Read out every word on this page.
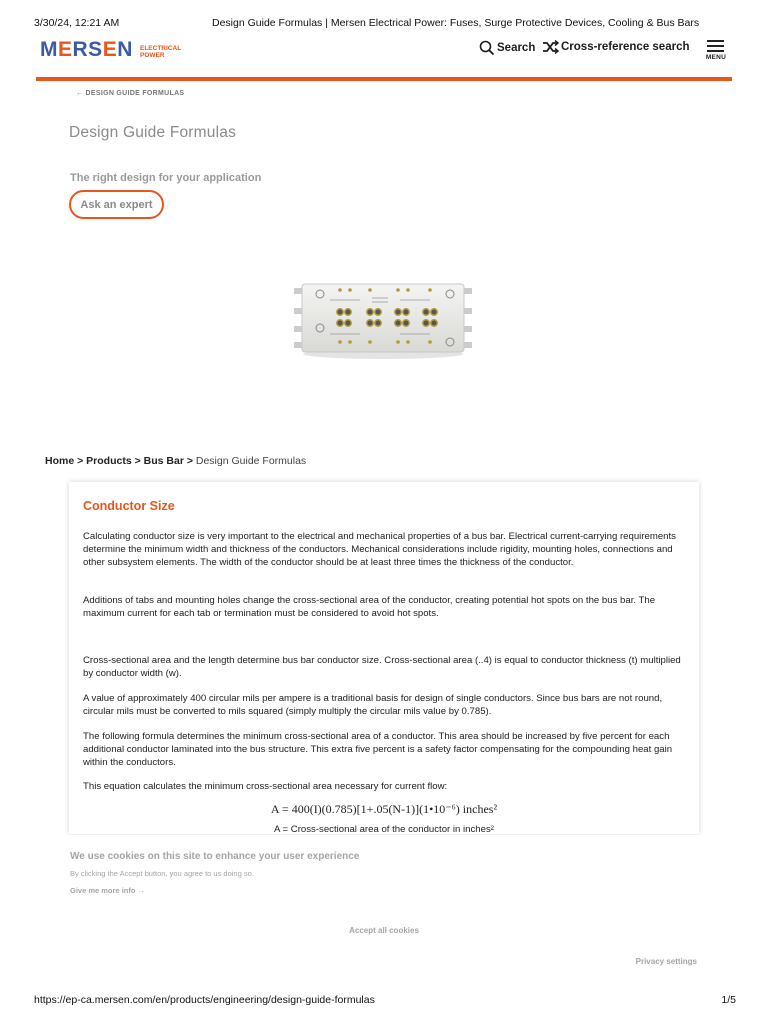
3/30/24, 12:21 AM	Design Guide Formulas | Mersen Electrical Power: Fuses, Surge Protective Devices, Cooling & Bus Bars
MERSEN ELECTRICAL POWER
Search Cross-reference search
MENU
← DESIGN GUIDE FORMULAS
Design Guide Formulas
The right design for your application
Ask an expert
Home > Products > Bus Bar > Design Guide Formulas
Conductor Size

Calculating conductor size is very important to the electrical and mechanical properties of a bus bar. Electrical current-carrying requirements determine the minimum width and thickness of the conductors. Mechanical considerations include rigidity, mounting holes, connections and other subsystem elements. The width of the conductor should be at least three times the thickness of the conductor.

Additions of tabs and mounting holes change the cross-sectional area of the conductor, creating potential hot spots on the bus bar. The maximum current for each tab or termination must be considered to avoid hot spots.

Cross-sectional area and the length determine bus bar conductor size. Cross-sectional area (..4) is equal to conductor thickness (t) multiplied by conductor width (w).

A value of approximately 400 circular mils per ampere is a traditional basis for design of single conductors. Since bus bars are not round, circular mils must be converted to mils squared (simply multiply the circular mils value by 0.785).

The following formula determines the minimum cross-sectional area of a conductor. This area should be increased by five percent for each additional conductor laminated into the bus structure. This extra five percent is a safety factor compensating for the compounding heat gain within the conductors.

This equation calculates the minimum cross-sectional area necessary for current flow:

A = 400(I)(0.785)[1+.05(N-1)](1•10⁻⁶) inches²
A = Cross-sectional area of the conductor in inches²
We use cookies on this site to enhance your user experience
By clicking the Accept button, you agree to us doing so.
Give me more info →
Accept all cookies
Privacy settings
https://ep-ca.mersen.com/en/products/engineering/design-guide-formulas	1/5
